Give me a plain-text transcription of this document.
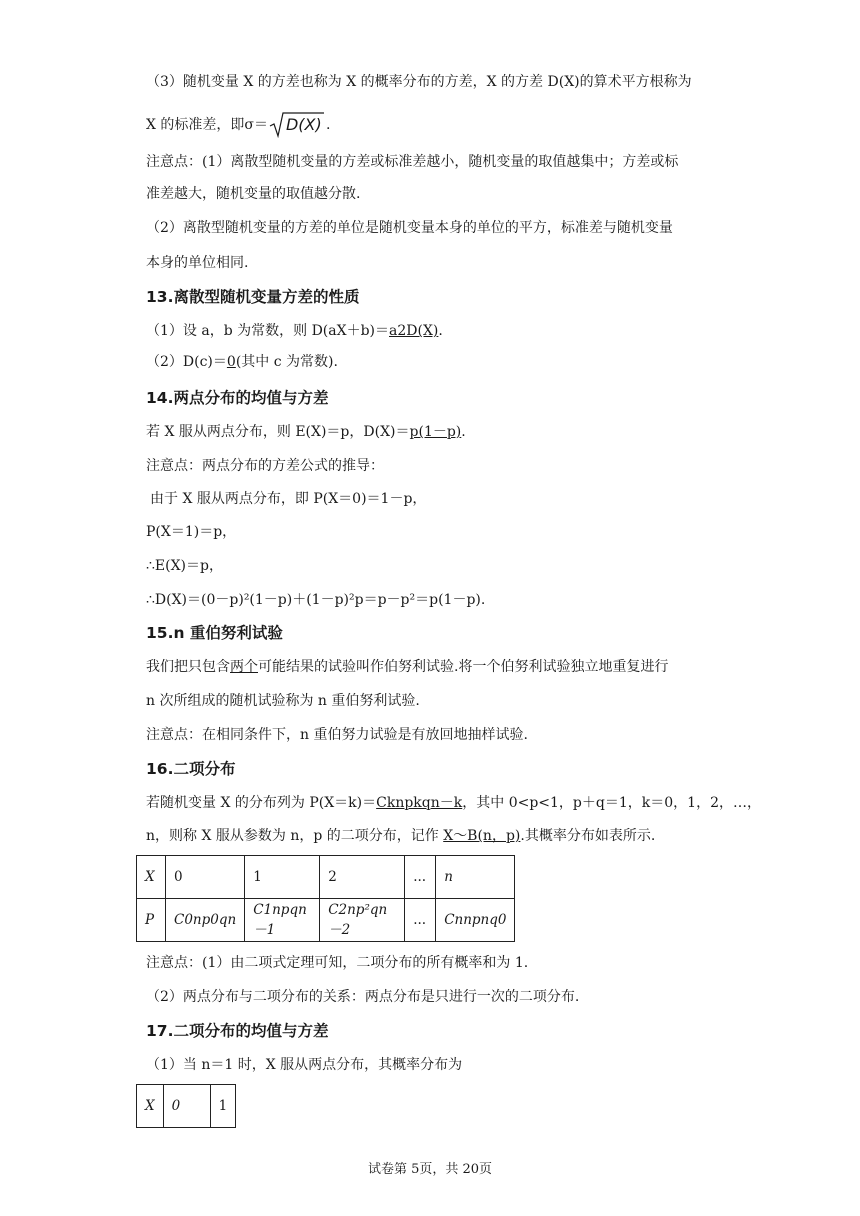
（3）随机变量 X 的方差也称为 X 的概率分布的方差，X 的方差 D(X)的算术平方根称为
X 的标准差，即σ＝ D(X) .
注意点：(1）离散型随机变量的方差或标准差越小，随机变量的取值越集中；方差或标
准差越大，随机变量的取值越分散.
（2）离散型随机变量的方差的单位是随机变量本身的单位的平方，标准差与随机变量
本身的单位相同.
13.离散型随机变量方差的性质
（1）设 a，b 为常数，则 D(aX＋b)＝a2D(X).
（2）D(c)＝0(其中 c 为常数).
14.两点分布的均值与方差
若 X 服从两点分布，则 E(X)＝p，D(X)＝p(1－p).
注意点：两点分布的方差公式的推导：
由于 X 服从两点分布，即 P(X＝0)＝1－p，
P(X＝1)＝p，
∴E(X)＝p，
∴D(X)＝(0－p)²(1－p)＋(1－p)²p＝p－p²＝p(1－p).
15.n 重伯努利试验
我们把只包含两个可能结果的试验叫作伯努利试验.将一个伯努利试验独立地重复进行
n 次所组成的随机试验称为 n 重伯努利试验.
注意点：在相同条件下，n 重伯努力试验是有放回地抽样试验.
16.二项分布
若随机变量 X 的分布列为 P(X＝k)＝Cknpkqn－k，其中 0<p<1，p＋q＝1，k＝0，1，2，…，
n，则称 X 服从参数为 n，p 的二项分布，记作 X～B(n，p).其概率分布如表所示.
X	0	1	2	...	n
P	C0np0qn	C1npqn－1	C2np²qn－2	...	Cnnpnq0
注意点：(1）由二项式定理可知，二项分布的所有概率和为 1.
（2）两点分布与二项分布的关系：两点分布是只进行一次的二项分布.
17.二项分布的均值与方差
（1）当 n＝1 时，X 服从两点分布，其概率分布为
X	0	1
试卷第 5页，共 20页
